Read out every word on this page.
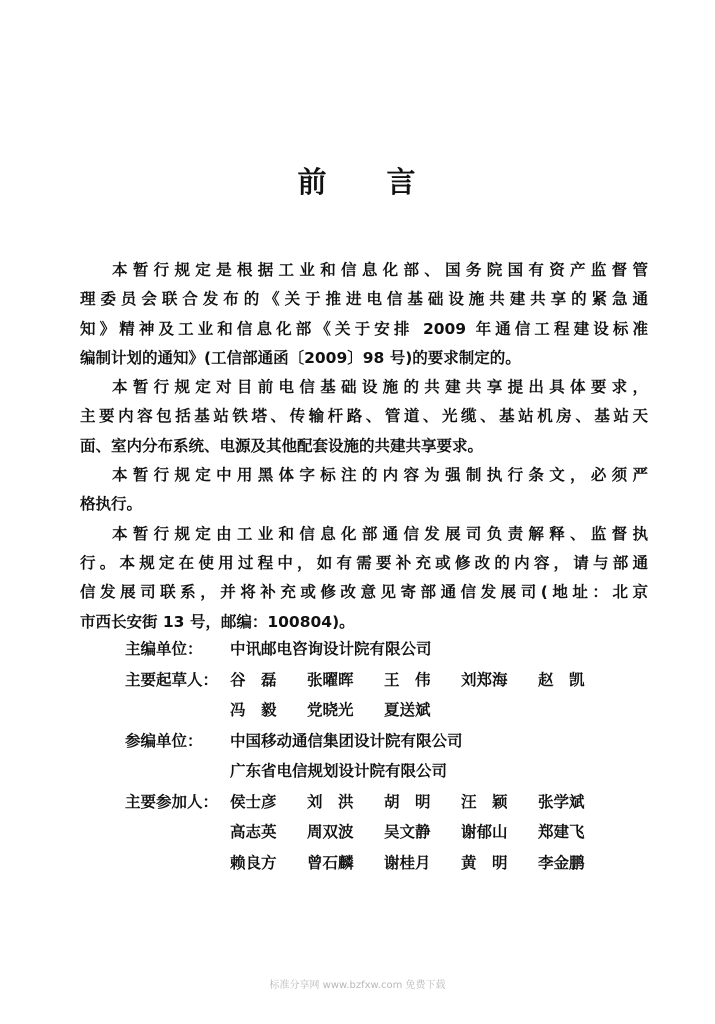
前 言

本暂行规定是根据工业和信息化部、国务院国有资产监督管
理委员会联合发布的《关于推进电信基础设施共建共享的紧急通
知》精神及工业和信息化部《关于安排 2009 年通信工程建设标准
编制计划的通知》(工信部通函〔2009〕98 号)的要求制定的。

本暂行规定对目前电信基础设施的共建共享提出具体要求，
主要内容包括基站铁塔、传输杆路、管道、光缆、基站机房、基站天
面、室内分布系统、电源及其他配套设施的共建共享要求。

本暂行规定中用黑体字标注的内容为强制执行条文，必须严
格执行。

本暂行规定由工业和信息化部通信发展司负责解释、监督执
行。本规定在使用过程中，如有需要补充或修改的内容，请与部通
信发展司联系，并将补充或修改意见寄部通信发展司(地址：北京
市西长安街 13 号，邮编：100804)。

主编单位：	中讯邮电咨询设计院有限公司
主要起草人： 谷　磊	张曜晖	王　伟	刘郑海	赵　凯
冯　毅	党晓光	夏送斌
参编单位：	中国移动通信集团设计院有限公司
广东省电信规划设计院有限公司
主要参加人： 侯士彦	刘　洪	胡　明	汪　颖	张学斌
高志英	周双波	吴文静	谢郁山	郑建飞
赖良方	曾石麟	谢桂月	黄　明	李金鹏
标准分享网 www.bzfxw.com 免费下载
